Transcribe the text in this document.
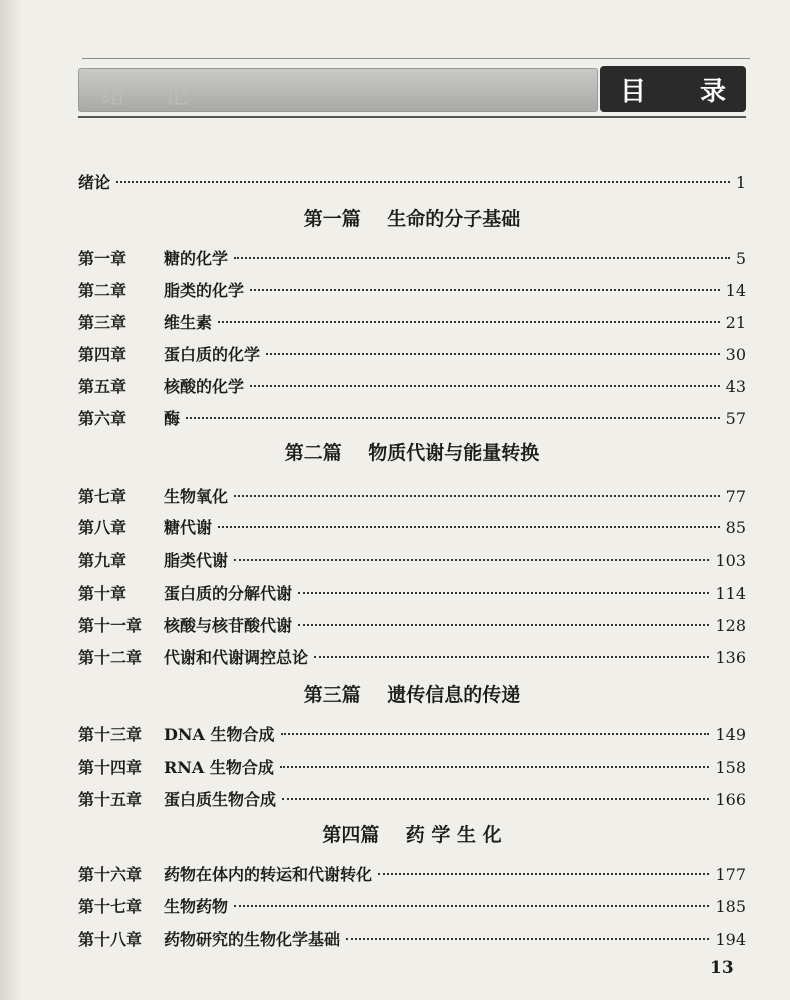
绪论	目 录
绪论	1
第一篇    生命的分子基础
第一章	糖的化学	5
第二章	脂类的化学	14
第三章	维生素	21
第四章	蛋白质的化学	30
第五章	核酸的化学	43
第六章	酶	57
第二篇    物质代谢与能量转换
第七章	生物氧化	77
第八章	糖代谢	85
第九章	脂类代谢	103
第十章	蛋白质的分解代谢	114
第十一章	核酸与核苷酸代谢	128
第十二章	代谢和代谢调控总论	136
第三篇    遗传信息的传递
第十三章	DNA 生物合成	149
第十四章	RNA 生物合成	158
第十五章	蛋白质生物合成	166
第四篇    药 学 生 化
第十六章	药物在体内的转运和代谢转化	177
第十七章	生物药物	185
第十八章	药物研究的生物化学基础	194
13
